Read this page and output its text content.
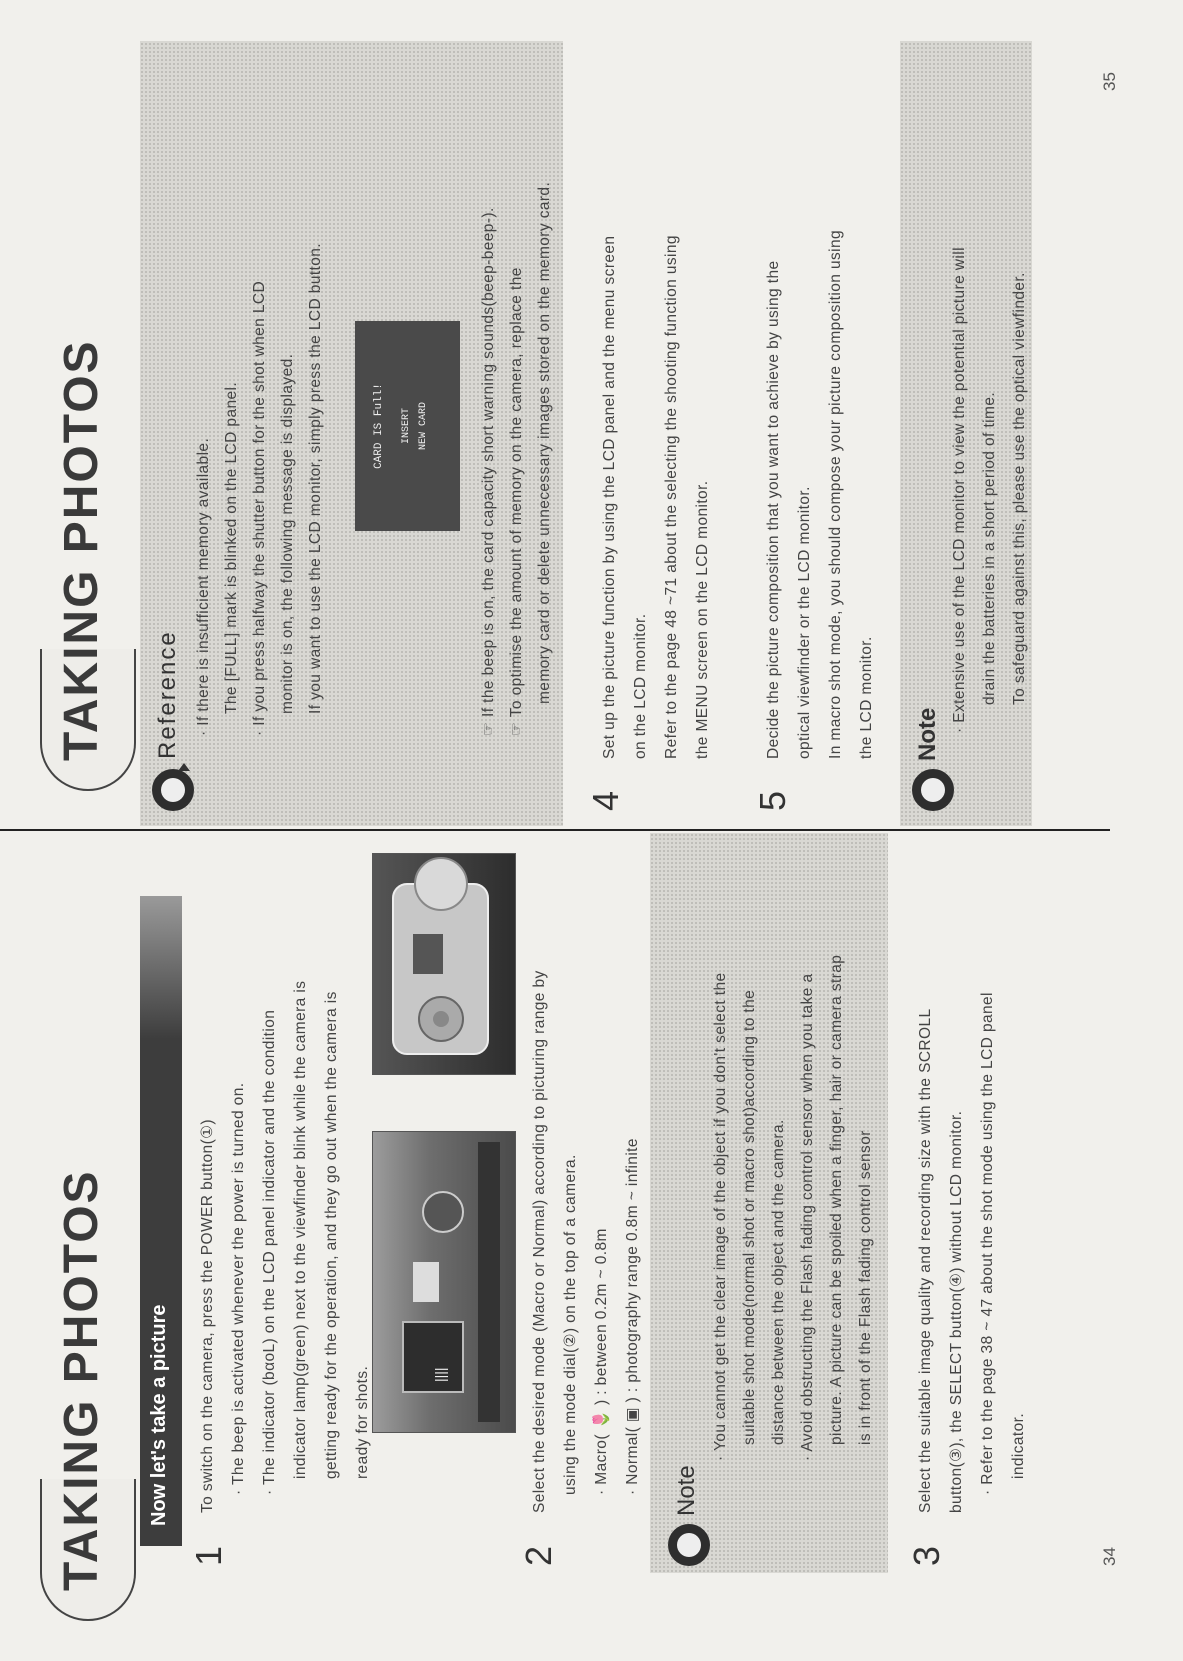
TAKING PHOTOS Now let's take a picture
1
To switch on the camera, press the POWER button(①) · The beep is activated whenever the power is turned on. · The indicator (bαoL) on the LCD panel indicator and the condition indicator lamp(green) next to the viewfinder blink while the camera is getting ready for the operation, and they go out when the camera is ready for shots.	||||
2
Select the desired mode (Macro or Normal) according to picturing range by using the mode dial(②) on the top of a camera. · Macro( 🌷 ) : between 0.2m ~ 0.8m · Normal( ▣ ) : photography range 0.8m ~ infinite Note
· You cannot get the clear image of the object if you don't select the suitable shot mode(normal shot or macro shot)according to the distance between the object and the camera. · Avoid obstructing the Flash fading control sensor when you take a picture. A picture can be spoiled when a finger, hair or camera strap is in front of the Flash fading control sensor
3
Select the suitable image quality and recording size with the SCROLL button(③), the SELECT button(④) without LCD monitor. · Refer to the page 38 ~ 47 about the shot mode using the LCD panel indicator.
34
TAKING PHOTOS Reference · If there is insufficient memory available. The [FULL] mark is blinked on the LCD panel. · If you press halfway the shutter button for the shot when LCD monitor is on, the following message is displayed. If you want to use the LCD monitor, simply press the LCD button.	CARD IS Full!	INSERT NEW CARD	☞ If the beep is on, the card capacity short warning sounds(beep-beep-). ☞ To optimise the amount of memory on the camera, replace the memory card or delete unnecessary images stored on the memory card.
4
Set up the picture function by using the LCD panel and the menu screen on the LCD monitor. Refer to the page 48 ~71 about the selecting the shooting function using the MENU screen on the LCD monitor.
5
Decide the picture composition that you want to achieve by using the optical viewfinder or the LCD monitor. In macro shot mode, you should compose your picture composition using the LCD monitor. Note
· Extensive use of the LCD monitor to view the potential picture will drain the batteries in a short period of time. To safeguard against this, please use the optical viewfinder.
35
